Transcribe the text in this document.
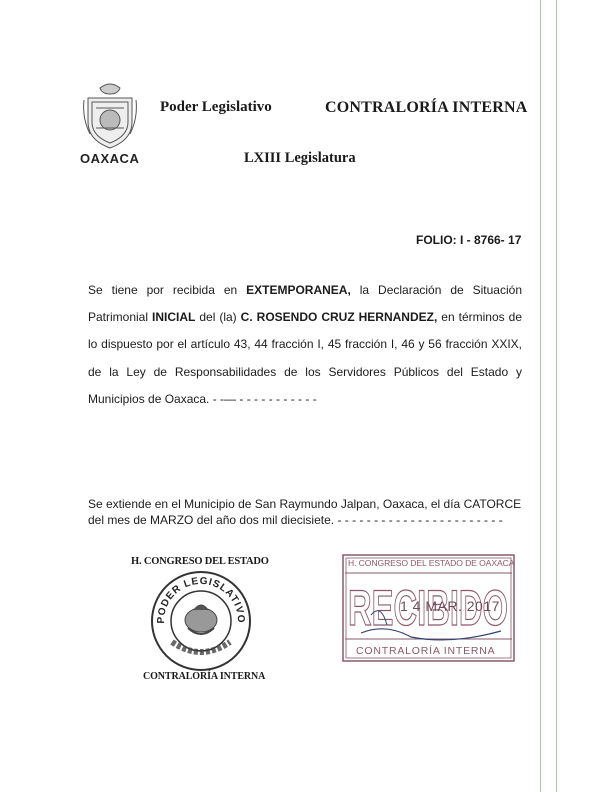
OAXACA
Poder Legislativo	CONTRALORÍA INTERNA
LXIII Legislatura
FOLIO: I - 8766- 17
Se tiene por recibida en EXTEMPORANEA, la Declaración de Situación
Patrimonial INICIAL del (la) C. ROSENDO CRUZ HERNANDEZ, en términos de
lo dispuesto por el artículo 43, 44 fracción I, 45 fracción I, 46 y 56 fracción XXIX,
de la Ley de Responsabilidades de los Servidores Públicos del Estado y
Municipios de Oaxaca. - -— - - - - - - - - - - -
Se extiende en el Municipio de San Raymundo Jalpan, Oaxaca, el día CATORCE
del mes de MARZO del año dos mil diecisiete. - - - - - - - - - - - - - - - - - - - - - - -
H. CONGRESO DEL ESTADO
PODER LEGISLATIVO
CONTRALORÍA INTERNA
RECIBIDO
H. CONGRESO DEL ESTADO DE OAXACA
1 4 MAR. 2017
CONTRALORÍA INTERNA
